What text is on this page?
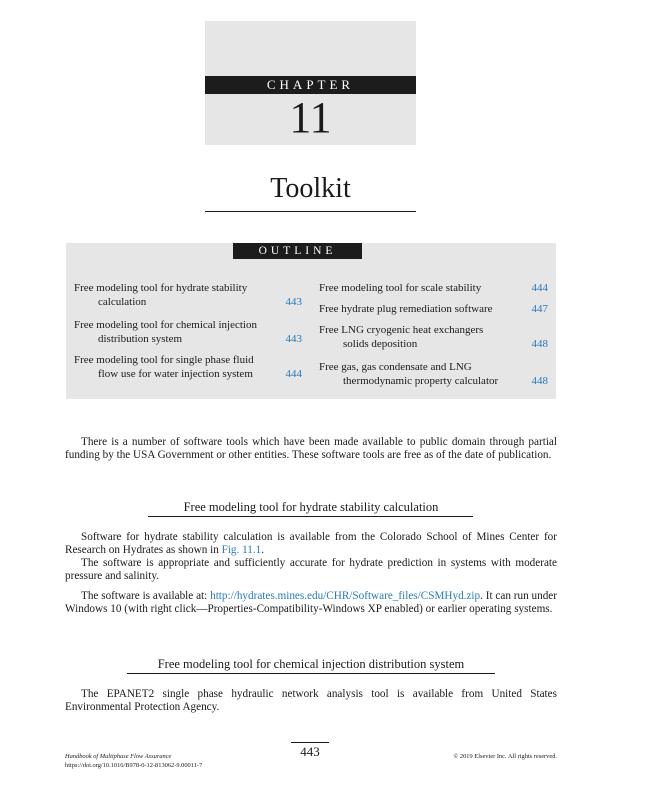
CHAPTER
11
Toolkit
OUTLINE
Free modeling tool for hydrate stability
calculation	443
Free modeling tool for chemical injection
distribution system	443
Free modeling tool for single phase fluid
flow use for water injection system	444
Free modeling tool for scale stability	444
Free hydrate plug remediation software	447
Free LNG cryogenic heat exchangers
solids deposition	448
Free gas, gas condensate and LNG
thermodynamic property calculator	448

There is a number of software tools which have been made available to public domain through partial funding by the USA Government or other entities. These software tools are free as of the date of publication.

Free modeling tool for hydrate stability calculation

Software for hydrate stability calculation is available from the Colorado School of Mines Center for Research on Hydrates as shown in Fig. 11.1.

The software is appropriate and sufficiently accurate for hydrate prediction in systems with moderate pressure and salinity.

The software is available at: http://hydrates.mines.edu/CHR/Software_files/CSMHyd.zip. It can run under Windows 10 (with right click—Properties-Compatibility-Windows XP enabled) or earlier operating systems.

Free modeling tool for chemical injection distribution system

The EPANET2 single phase hydraulic network analysis tool is available from United States Environmental Protection Agency.

Handbook of Multiphase Flow Assurance
https://doi.org/10.1016/B978-0-12-813062-9.00011-7
443	© 2019 Elsevier Inc. All rights reserved.
